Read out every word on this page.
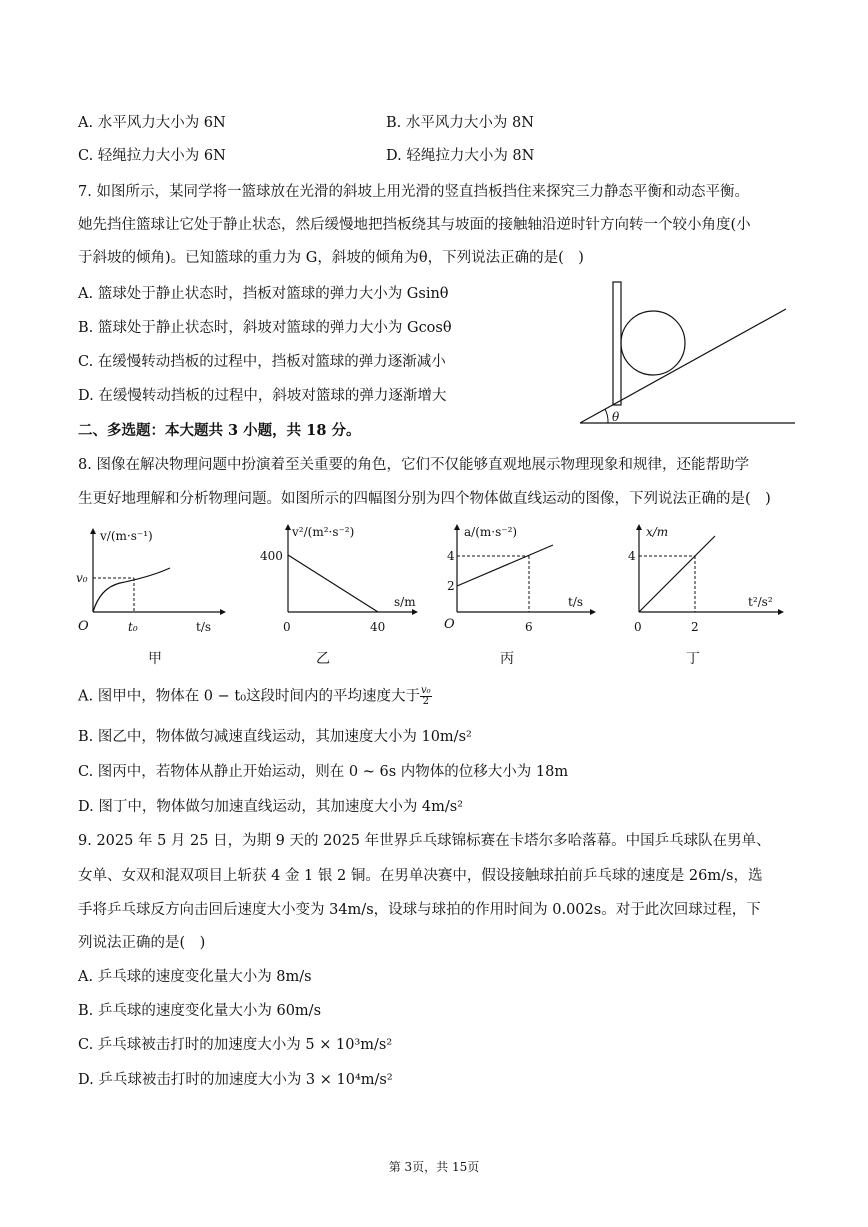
A. 水平风力大小为 6N	B. 水平风力大小为 8N
C. 轻绳拉力大小为 6N	D. 轻绳拉力大小为 8N
7. 如图所示，某同学将一篮球放在光滑的斜坡上用光滑的竖直挡板挡住来探究三力静态平衡和动态平衡。
她先挡住篮球让它处于静止状态，然后缓慢地把挡板绕其与坡面的接触轴沿逆时针方向转一个较小角度(小
于斜坡的倾角)。已知篮球的重力为 G，斜坡的倾角为θ，下列说法正确的是(　)
A. 篮球处于静止状态时，挡板对篮球的弹力大小为 Gsinθ
B. 篮球处于静止状态时，斜坡对篮球的弹力大小为 Gcosθ
C. 在缓慢转动挡板的过程中，挡板对篮球的弹力逐渐减小
D. 在缓慢转动挡板的过程中，斜坡对篮球的弹力逐渐增大
θ
二、多选题：本大题共 3 小题，共 18 分。
8. 图像在解决物理问题中扮演着至关重要的角色，它们不仅能够直观地展示物理现象和规律，还能帮助学
生更好地理解和分析物理问题。如图所示的四幅图分别为四个物体做直线运动的图像，下列说法正确的是(　)
v/(m·s⁻¹)
t/s
O
v₀
t₀
甲
v²/(m²·s⁻²)
s/m
400
0	40
乙
a/(m·s⁻²)
t/s
O
2
4
6
丙
x/m
t²/s²
4
0	2
丁
A. 图甲中，物体在 0 − t₀这段时间内的平均速度大于 $\frac{\text{v₀}}{2}$
B. 图乙中，物体做匀减速直线运动，其加速度大小为 10m/s²
C. 图丙中，若物体从静止开始运动，则在 0 ~ 6s 内物体的位移大小为 18m
D. 图丁中，物体做匀加速直线运动，其加速度大小为 4m/s²
9. 2025 年 5 月 25 日，为期 9 天的 2025 年世界乒乓球锦标赛在卡塔尔多哈落幕。中国乒乓球队在男单、
女单、女双和混双项目上斩获 4 金 1 银 2 铜。在男单决赛中，假设接触球拍前乒乓球的速度是 26m/s，选
手将乒乓球反方向击回后速度大小变为 34m/s，设球与球拍的作用时间为 0.002s。对于此次回球过程，下
列说法正确的是(　)
A. 乒乓球的速度变化量大小为 8m/s
B. 乒乓球的速度变化量大小为 60m/s
C. 乒乓球被击打时的加速度大小为 5 × 10³m/s²
D. 乒乓球被击打时的加速度大小为 3 × 10⁴m/s²
第 3页，共 15页
